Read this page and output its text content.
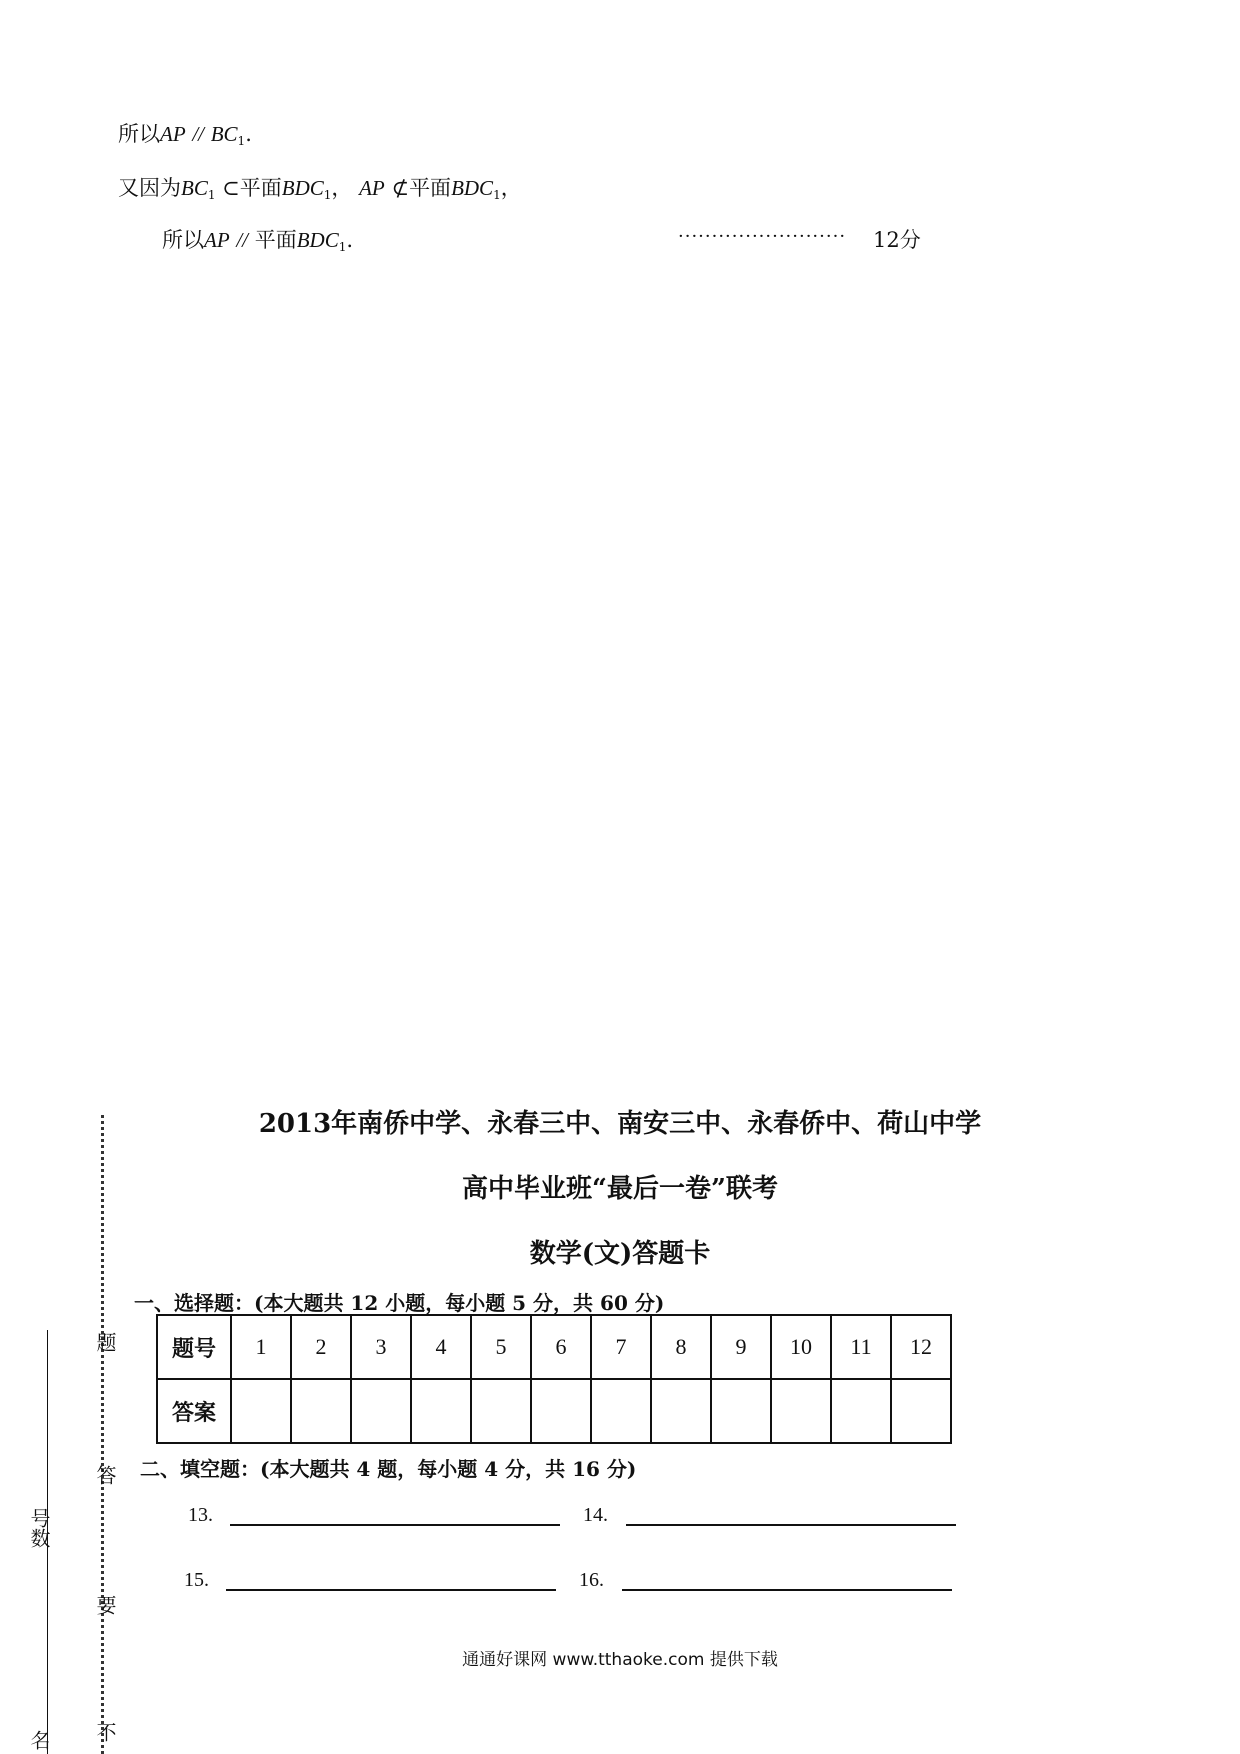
所以AP // $BC_1$.
又因为$BC_1$ ⊂平面$BDC_1$， AP ⊄平面$BDC_1$，
所以AP // 平面$BDC_1$.	························· 12分
2013年南侨中学、永春三中、南安三中、永春侨中、荷山中学
高中毕业班“最后一卷”联考
数学(文)答题卡
一、选择题：(本大题共 12 小题，每小题 5 分，共 60 分)
题号	1	2	3	4	5	6	7	8	9	10	11	12
答案												
二、填空题：(本大题共 4 题，每小题 4 分，共 16 分)
13.	14.
15.	16.
题
答
要
不
号数
名
通通好课网 www.tthaoke.com 提供下载
